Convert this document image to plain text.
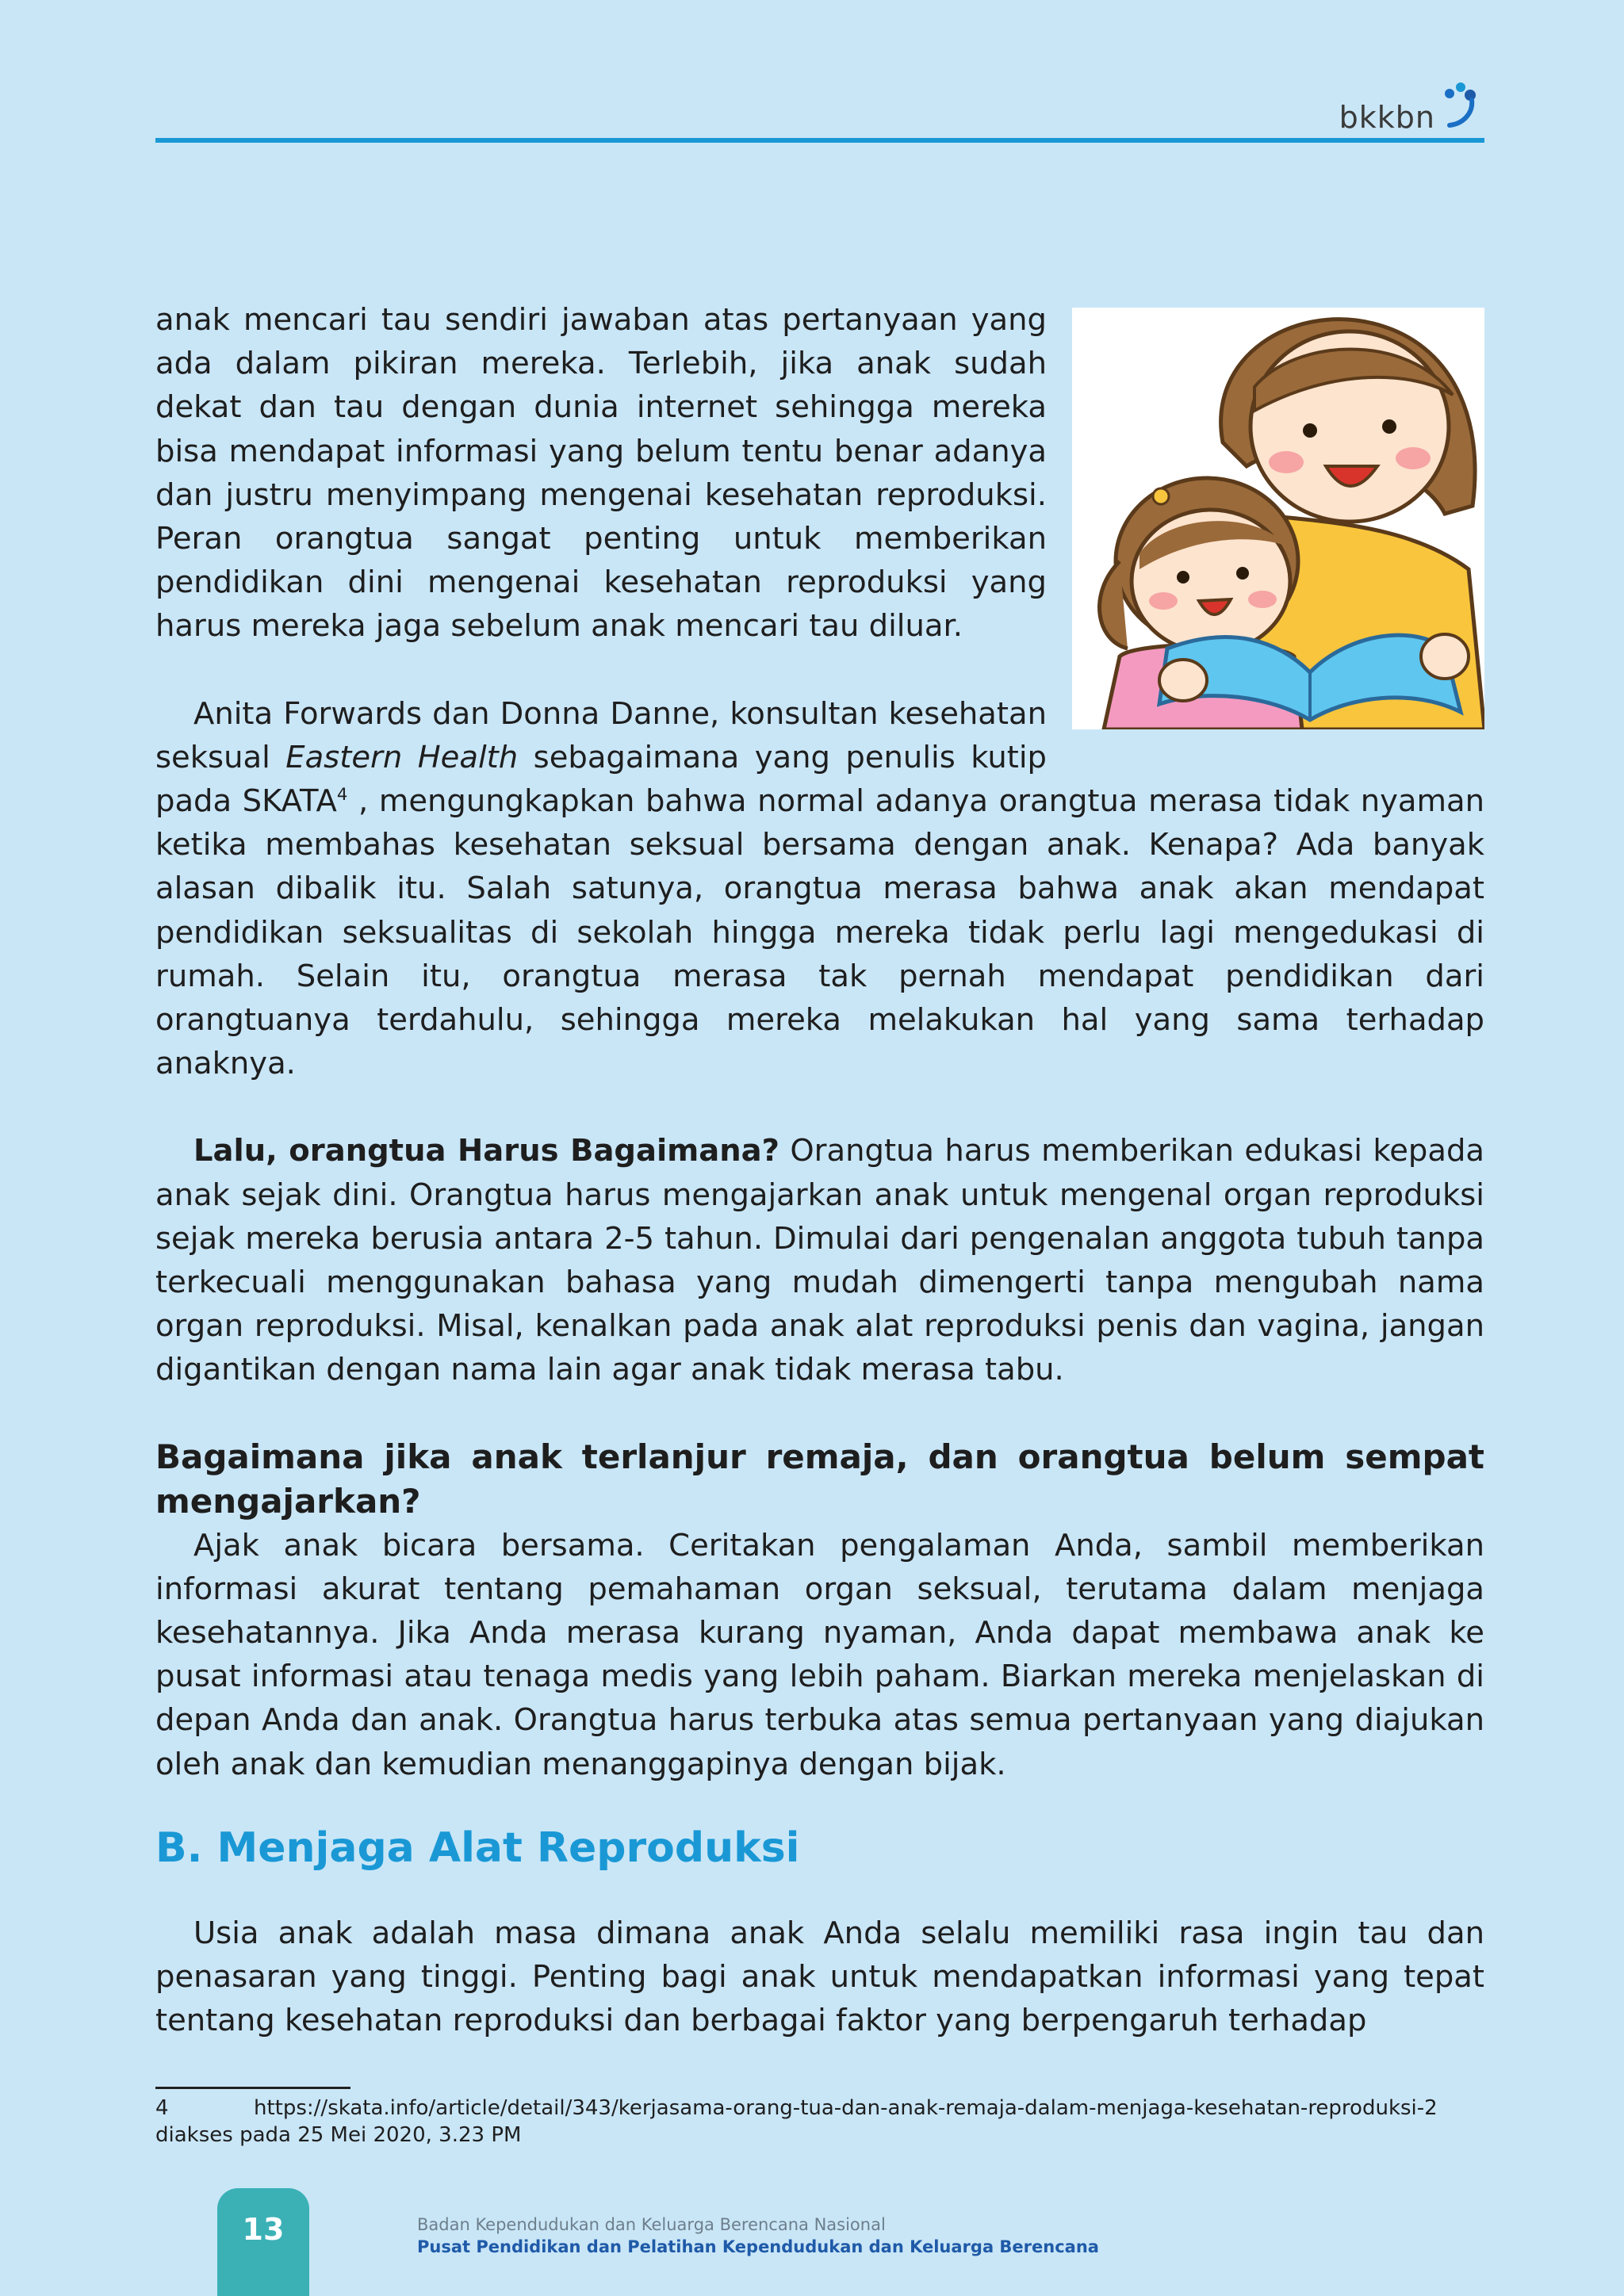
bkkbn

anak mencari tau sendiri jawaban atas pertanyaan yang ada dalam pikiran mereka. Terlebih, jika anak sudah dekat dan tau dengan dunia internet sehingga mereka bisa mendapat informasi yang belum tentu benar adanya dan justru menyimpang mengenai kesehatan reproduksi. Peran orangtua sangat penting untuk memberikan pendidikan dini mengenai kesehatan reproduksi yang harus mereka jaga sebelum anak mencari tau diluar.

Anita Forwards dan Donna Danne, konsultan kesehatan seksual Eastern Health sebagaimana yang penulis kutip pada SKATA$^4$ , mengungkapkan bahwa normal adanya orangtua merasa tidak nyaman ketika membahas kesehatan seksual bersama dengan anak. Kenapa? Ada banyak alasan dibalik itu. Salah satunya, orangtua merasa bahwa anak akan mendapat pendidikan seksualitas di sekolah hingga mereka tidak perlu lagi mengedukasi di rumah. Selain itu, orangtua merasa tak pernah mendapat pendidikan dari orangtuanya terdahulu, sehingga mereka melakukan hal yang sama terhadap anaknya.

Lalu, orangtua Harus Bagaimana? Orangtua harus memberikan edukasi kepada anak sejak dini. Orangtua harus mengajarkan anak untuk mengenal organ reproduksi sejak mereka berusia antara 2-5 tahun. Dimulai dari pengenalan anggota tubuh tanpa terkecuali menggunakan bahasa yang mudah dimengerti tanpa mengubah nama organ reproduksi. Misal, kenalkan pada anak alat reproduksi penis dan vagina, jangan digantikan dengan nama lain agar anak tidak merasa tabu.

Bagaimana jika anak terlanjur remaja, dan orangtua belum sempat mengajarkan?

Ajak anak bicara bersama. Ceritakan pengalaman Anda, sambil memberikan informasi akurat tentang pemahaman organ seksual, terutama dalam menjaga kesehatannya. Jika Anda merasa kurang nyaman, Anda dapat membawa anak ke pusat informasi atau tenaga medis yang lebih paham. Biarkan mereka menjelaskan di depan Anda dan anak. Orangtua harus terbuka atas semua pertanyaan yang diajukan oleh anak dan kemudian menanggapinya dengan bijak.

B. Menjaga Alat Reproduksi

Usia anak adalah masa dimana anak Anda selalu memiliki rasa ingin tau dan penasaran yang tinggi. Penting bagi anak untuk mendapatkan informasi yang tepat tentang kesehatan reproduksi dan berbagai faktor yang berpengaruh terhadap

4	https://skata.info/article/detail/343/kerjasama-orang-tua-dan-anak-remaja-dalam-menjaga-kesehatan-reproduksi-2
diakses pada 25 Mei 2020, 3.23 PM
13	Badan Kependudukan dan Keluarga Berencana Nasional
Pusat Pendidikan dan Pelatihan Kependudukan dan Keluarga Berencana
